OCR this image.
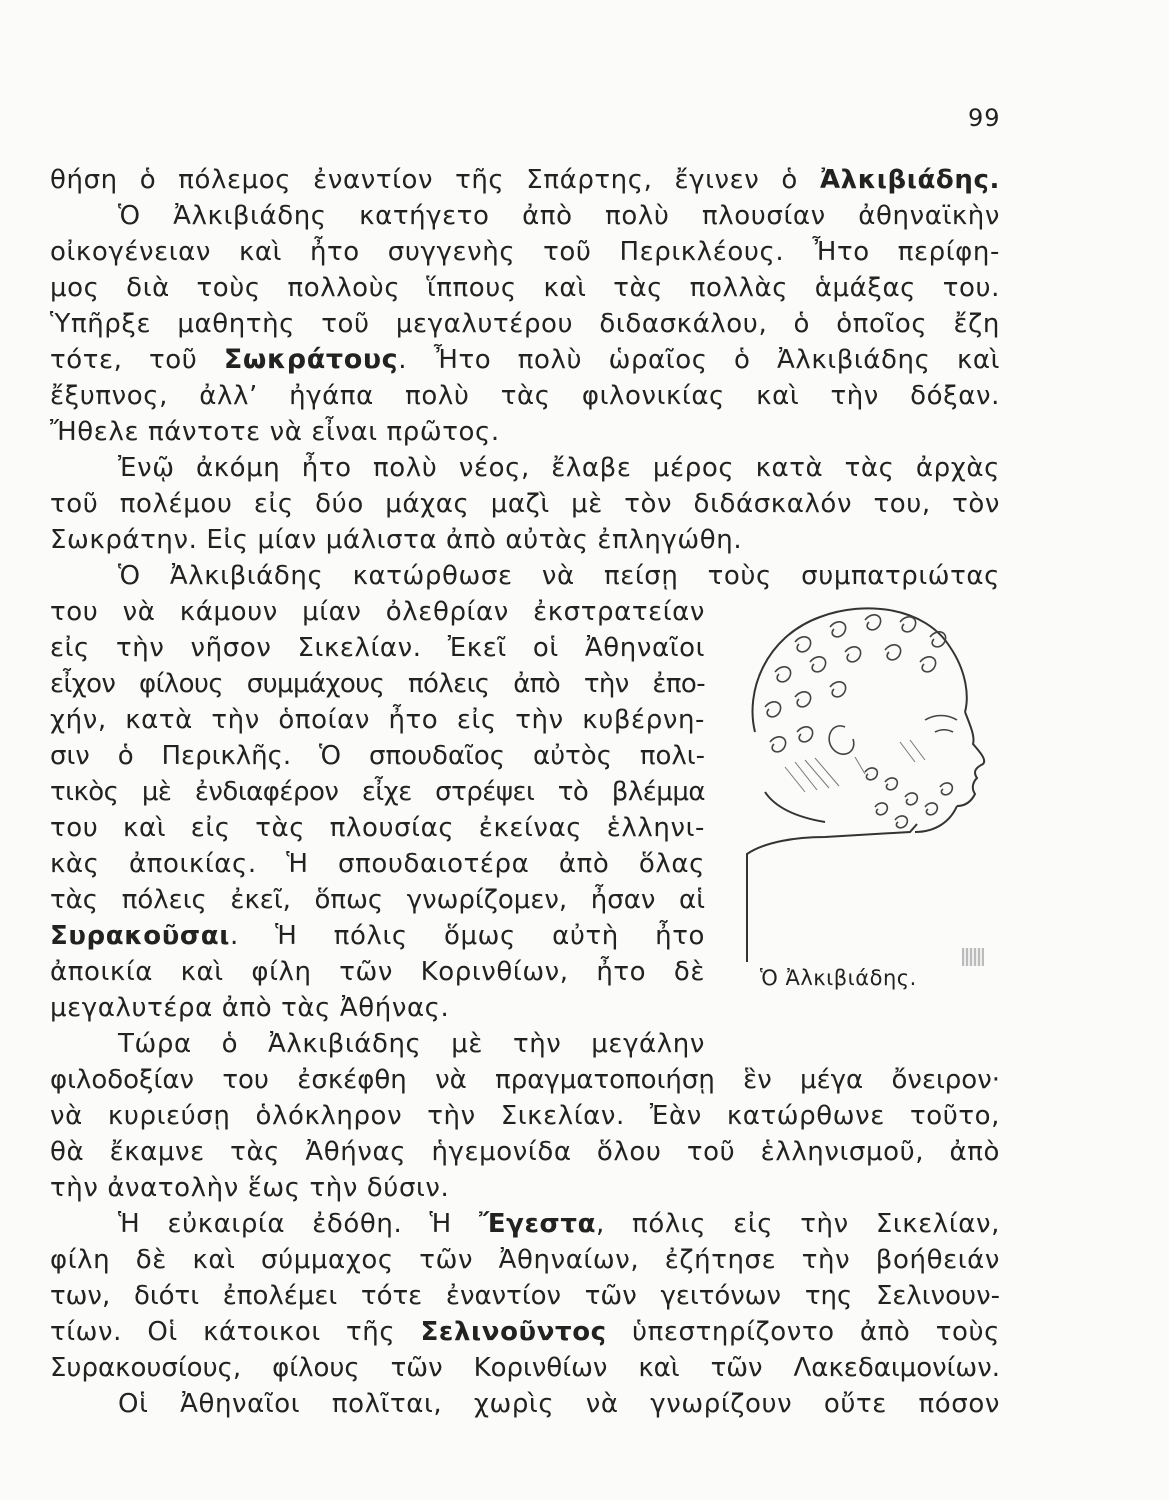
99
θήση ὁ πόλεμος ἐναντίον τῆς Σπάρτης, ἔγινεν ὁ Ἀλκιβιάδης.
Ὁ Ἀλκιβιάδης κατήγετο ἀπὸ πολὺ πλουσίαν ἀθηναϊκὴν
οἰκογένειαν καὶ ἦτο συγγενὴς τοῦ Περικλέους. Ἦτο περίφη-
μος διὰ τοὺς πολλοὺς ἵππους καὶ τὰς πολλὰς ἁμάξας του.
Ὑπῆρξε μαθητὴς τοῦ μεγαλυτέρου διδασκάλου, ὁ ὁποῖος ἔζη
τότε, τοῦ Σωκράτους. Ἦτο πολὺ ὡραῖος ὁ Ἀλκιβιάδης καὶ
ἔξυπνος, ἀλλ’ ἠγάπα πολὺ τὰς φιλονικίας καὶ τὴν δόξαν.
Ἤθελε πάντοτε νὰ εἶναι πρῶτος.
Ἐνῷ ἀκόμη ἦτο πολὺ νέος, ἔλαβε μέρος κατὰ τὰς ἀρχὰς
τοῦ πολέμου εἰς δύο μάχας μαζὶ μὲ τὸν διδάσκαλόν του, τὸν
Σωκράτην. Εἰς μίαν μάλιστα ἀπὸ αὐτὰς ἐπληγώθη.
Ὁ Ἀλκιβιάδης κατώρθωσε νὰ πείσῃ τοὺς συμπατριώτας
του νὰ κάμουν μίαν ὀλεθρίαν ἐκστρατείαν
εἰς τὴν νῆσον Σικελίαν. Ἐκεῖ οἱ Ἀθηναῖοι
εἶχον φίλους συμμάχους πόλεις ἀπὸ τὴν ἐπο-
χήν, κατὰ τὴν ὁποίαν ἦτο εἰς τὴν κυβέρνη-
σιν ὁ Περικλῆς. Ὁ σπουδαῖος αὐτὸς πολι-
τικὸς μὲ ἐνδιαφέρον εἶχε στρέψει τὸ βλέμμα
του καὶ εἰς τὰς πλουσίας ἐκείνας ἑλληνι-
κὰς ἀποικίας. Ἡ σπουδαιοτέρα ἀπὸ ὅλας
τὰς πόλεις ἐκεῖ, ὅπως γνωρίζομεν, ἦσαν αἱ
Συρακοῦσαι. Ἡ πόλις ὅμως αὐτὴ ἦτο
ἀποικία καὶ φίλη τῶν Κορινθίων, ἦτο δὲ
μεγαλυτέρα ἀπὸ τὰς Ἀθήνας.
Ὁ Ἀλκιβιάδης.
Τώρα ὁ Ἀλκιβιάδης μὲ τὴν μεγάλην
φιλοδοξίαν του ἐσκέφθη νὰ πραγματοποιήσῃ ἓν μέγα ὄνειρον·
νὰ κυριεύσῃ ὁλόκληρον τὴν Σικελίαν. Ἐὰν κατώρθωνε τοῦτο,
θὰ ἔκαμνε τὰς Ἀθήνας ἡγεμονίδα ὅλου τοῦ ἑλληνισμοῦ, ἀπὸ
τὴν ἀνατολὴν ἕως τὴν δύσιν.
Ἡ εὐκαιρία ἐδόθη. Ἡ Ἔγεστα, πόλις εἰς τὴν Σικελίαν,
φίλη δὲ καὶ σύμμαχος τῶν Ἀθηναίων, ἐζήτησε τὴν βοήθειάν
των, διότι ἐπολέμει τότε ἐναντίον τῶν γειτόνων της Σελινουν-
τίων. Οἱ κάτοικοι τῆς Σελινοῦντος ὑπεστηρίζοντο ἀπὸ τοὺς
Συρακουσίους, φίλους τῶν Κορινθίων καὶ τῶν Λακεδαιμονίων.
Οἱ Ἀθηναῖοι πολῖται, χωρὶς νὰ γνωρίζουν οὔτε πόσον
